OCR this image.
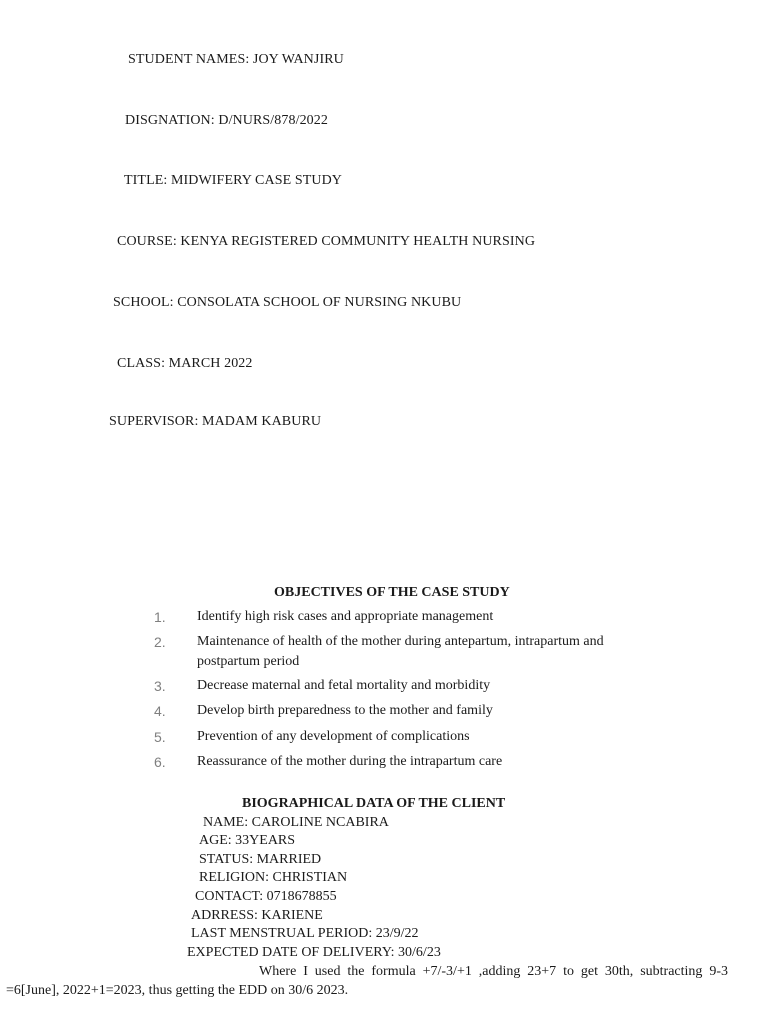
STUDENT NAMES: JOY WANJIRU
DISGNATION: D/NURS/878/2022
TITLE: MIDWIFERY CASE STUDY
COURSE: KENYA REGISTERED COMMUNITY HEALTH NURSING
SCHOOL: CONSOLATA SCHOOL OF NURSING NKUBU
CLASS: MARCH 2022
SUPERVISOR: MADAM KABURU
OBJECTIVES OF THE CASE STUDY
1. Identify high risk cases and appropriate management
2. Maintenance of health of the mother during antepartum, intrapartum and postpartum period
3. Decrease maternal and fetal mortality and morbidity
4. Develop birth preparedness to the mother and family
5. Prevention of any development of complications
6. Reassurance of the mother during the intrapartum care
BIOGRAPHICAL DATA OF THE CLIENT
NAME: CAROLINE NCABIRA
AGE: 33YEARS
STATUS: MARRIED
RELIGION: CHRISTIAN
CONTACT: 0718678855
ADRRESS: KARIENE
LAST MENSTRUAL PERIOD: 23/9/22
EXPECTED DATE OF DELIVERY: 30/6/23
Where I used the formula +7/-3/+1 ,adding 23+7 to get 30th, subtracting 9-3 =6[June], 2022+1=2023, thus getting the EDD on 30/6 2023.
